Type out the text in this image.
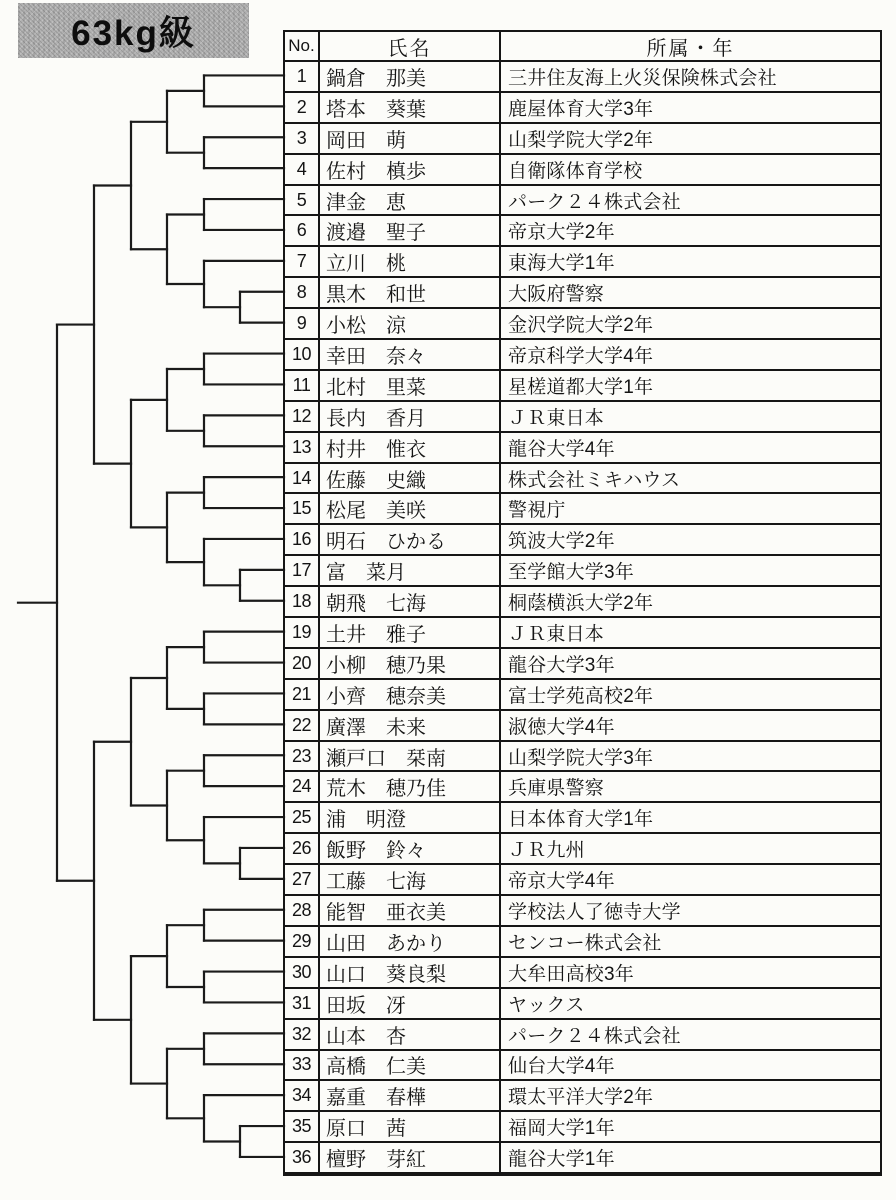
63kg級	No.	氏名	所属・年
1 鍋倉　那美	三井住友海上火災保険株式会社
2 塔本　葵葉	鹿屋体育大学3年
3 岡田　萌	山梨学院大学2年
4 佐村　槙歩	自衛隊体育学校
5 津金　恵	パーク２４株式会社
6 渡邉　聖子	帝京大学2年
7 立川　桃	東海大学1年
8 黒木　和世	大阪府警察
9 小松　涼	金沢学院大学2年
10 幸田　奈々	帝京科学大学4年
11 北村　里菜	星槎道都大学1年
12 長内　香月	ＪＲ東日本
13 村井　惟衣	龍谷大学4年
14 佐藤　史織	株式会社ミキハウス
15 松尾　美咲	警視庁
16 明石　ひかる	筑波大学2年
17 富　菜月	至学館大学3年
18 朝飛　七海	桐蔭横浜大学2年
19 土井　雅子	ＪＲ東日本
20 小柳　穂乃果	龍谷大学3年
21 小齊　穂奈美	富士学苑高校2年
22 廣澤　未来	淑徳大学4年
23 瀬戸口　栞南	山梨学院大学3年
24 荒木　穂乃佳	兵庫県警察
25 浦　明澄	日本体育大学1年
26 飯野　鈴々	ＪＲ九州
27 工藤　七海	帝京大学4年
28 能智　亜衣美	学校法人了徳寺大学
29 山田　あかり	センコー株式会社
30 山口　葵良梨	大牟田高校3年
31 田坂　冴	ヤックス
32 山本　杏	パーク２４株式会社
33 高橋　仁美	仙台大学4年
34 嘉重　春樺	環太平洋大学2年
35 原口　茜	福岡大学1年
36 檀野　芽紅	龍谷大学1年
